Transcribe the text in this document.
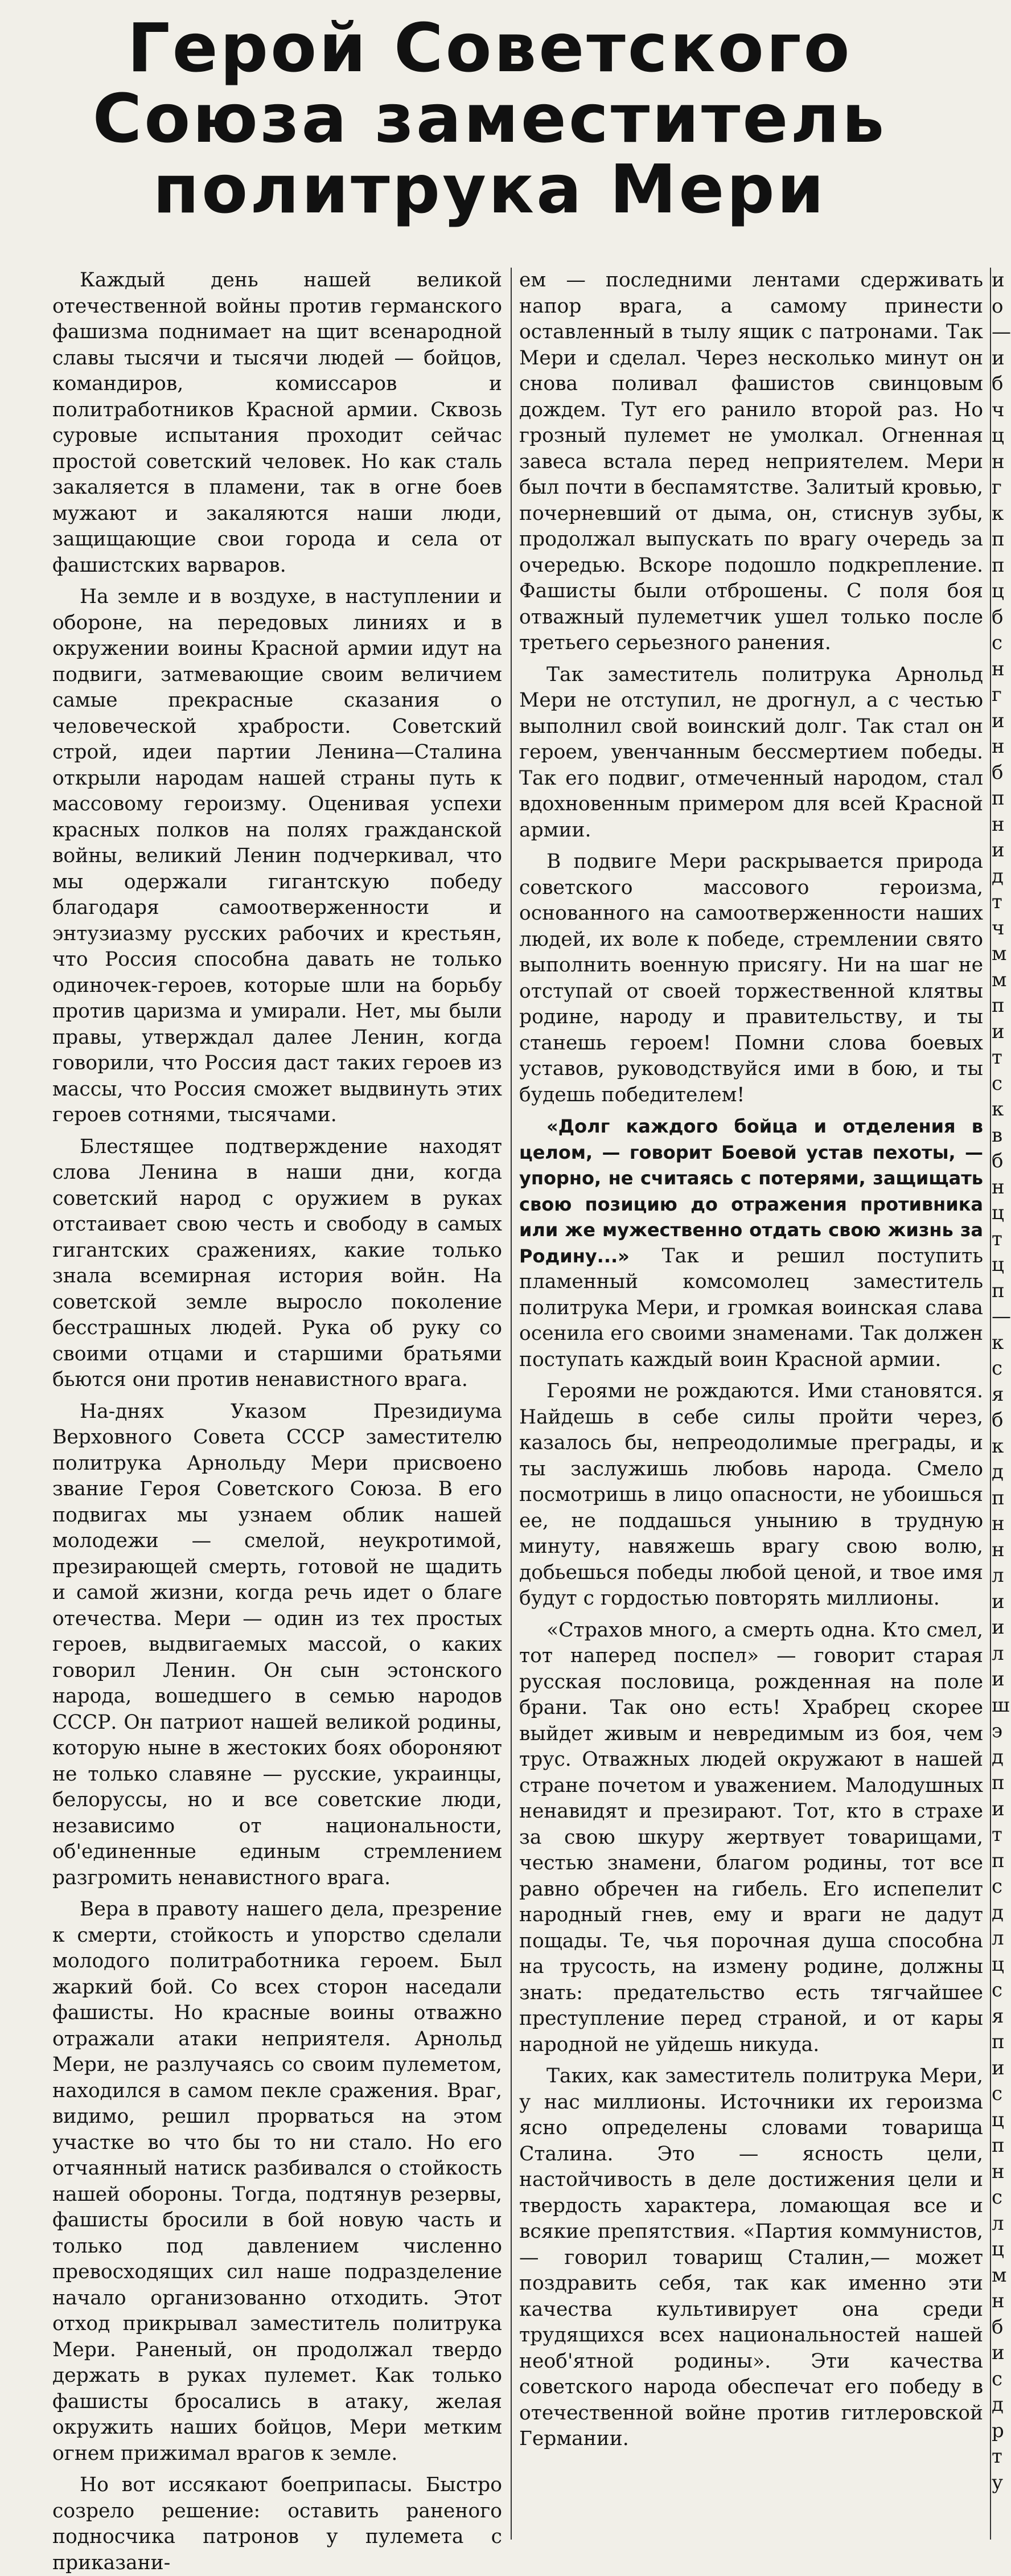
Герой Советского
Союза заместитель
политрука Мери

Каждый день нашей великой отечественной войны против германского фашизма поднимает на щит всенародной славы тысячи и тысячи людей — бойцов, командиров, комиссаров и политработников Красной армии. Сквозь суровые испытания проходит сейчас простой советский человек. Но как сталь закаляется в пламени, так в огне боев мужают и закаляются наши люди, защищающие свои города и села от фашистских варваров.

На земле и в воздухе, в наступлении и обороне, на передовых линиях и в окружении воины Красной армии идут на подвиги, затмевающие своим величием самые прекрасные сказания о человеческой храбрости. Советский строй, идеи партии Ленина—Сталина открыли народам нашей страны путь к массовому героизму. Оценивая успехи красных полков на полях гражданской войны, великий Ленин подчеркивал, что мы одержали гигантскую победу благодаря самоотверженности и энтузиазму русских рабочих и крестьян, что Россия способна давать не только одиночек-героев, которые шли на борьбу против царизма и умирали. Нет, мы были правы, утверждал далее Ленин, когда говорили, что Россия даст таких героев из массы, что Россия сможет выдвинуть этих героев сотнями, тысячами.

Блестящее подтверждение находят слова Ленина в наши дни, когда советский народ с оружием в руках отстаивает свою честь и свободу в самых гигантских сражениях, какие только знала всемирная история войн. На советской земле выросло поколение бесстрашных людей. Рука об руку со своими отцами и старшими братьями бьются они против ненавистного врага.

На-днях Указом Президиума Верховного Совета СССР заместителю политрука Арнольду Мери присвоено звание Героя Советского Союза. В его подвигах мы узнаем облик нашей молодежи — смелой, неукротимой, презирающей смерть, готовой не щадить и самой жизни, когда речь идет о благе отечества. Мери — один из тех простых героев, выдвигаемых массой, о каких говорил Ленин. Он сын эстонского народа, вошедшего в семью народов СССР. Он патриот нашей великой родины, которую ныне в жестоких боях обороняют не только славяне — русские, украинцы, белоруссы, но и все советские люди, независимо от национальности, об'единенные единым стремлением разгромить ненавистного врага.

Вера в правоту нашего дела, презрение к смерти, стойкость и упорство сделали молодого политработника героем. Был жаркий бой. Со всех сторон наседали фашисты. Но красные воины отважно отражали атаки неприятеля. Арнольд Мери, не разлучаясь со своим пулеметом, находился в самом пекле сражения. Враг, видимо, решил прорваться на этом участке во что бы то ни стало. Но его отчаянный натиск разбивался о стойкость нашей обороны. Тогда, подтянув резервы, фашисты бросили в бой новую часть и только под давлением численно превосходящих сил наше подразделение начало организованно отходить. Этот отход прикрывал заместитель политрука Мери. Раненый, он продолжал твердо держать в руках пулемет. Как только фашисты бросались в атаку, желая окружить наших бойцов, Мери метким огнем прижимал врагов к земле.

Но вот иссякают боеприпасы. Быстро созрело решение: оставить раненого подносчика патронов у пулемета с приказани-

ем — последними лентами сдерживать напор врага, а самому принести оставленный в тылу ящик с патронами. Так Мери и сделал. Через несколько минут он снова поливал фашистов свинцовым дождем. Тут его ранило второй раз. Но грозный пулемет не умолкал. Огненная завеса встала перед неприятелем. Мери был почти в беспамятстве. Залитый кровью, почерневший от дыма, он, стиснув зубы, продолжал выпускать по врагу очередь за очередью. Вскоре подошло подкрепление. Фашисты были отброшены. С поля боя отважный пулеметчик ушел только после третьего серьезного ранения.

Так заместитель политрука Арнольд Мери не отступил, не дрогнул, а с честью выполнил свой воинский долг. Так стал он героем, увенчанным бессмертием победы. Так его подвиг, отмеченный народом, стал вдохновенным примером для всей Красной армии.

В подвиге Мери раскрывается природа советского массового героизма, основанного на самоотверженности наших людей, их воле к победе, стремлении свято выполнить военную присягу. Ни на шаг не отступай от своей торжественной клятвы родине, народу и правительству, и ты станешь героем! Помни слова боевых уставов, руководствуйся ими в бою, и ты будешь победителем!

«Долг каждого бойца и отделения в целом, — говорит Боевой устав пехоты, — упорно, не считаясь с потерями, защищать свою позицию до отражения противника или же мужественно отдать свою жизнь за Родину...» Так и решил поступить пламенный комсомолец заместитель политрука Мери, и громкая воинская слава осенила его своими знаменами. Так должен поступать каждый воин Красной армии.

Героями не рождаются. Ими становятся. Найдешь в себе силы пройти через, казалось бы, непреодолимые преграды, и ты заслужишь любовь народа. Смело посмотришь в лицо опасности, не убоишься ее, не поддашься унынию в трудную минуту, навяжешь врагу свою волю, добьешься победы любой ценой, и твое имя будут с гордостью повторять миллионы.

«Страхов много, а смерть одна. Кто смел, тот наперед поспел» — говорит старая русская пословица, рожденная на поле брани. Так оно есть! Храбрец скорее выйдет живым и невредимым из боя, чем трус. Отважных людей окружают в нашей стране почетом и уважением. Малодушных ненавидят и презирают. Тот, кто в страхе за свою шкуру жертвует товарищами, честью знамени, благом родины, тот все равно обречен на гибель. Его испепелит народный гнев, ему и враги не дадут пощады. Те, чья порочная душа способна на трусость, на измену родине, должны знать: предательство есть тягчайшее преступление перед страной, и от кары народной не уйдешь никуда.

Таких, как заместитель политрука Мери, у нас миллионы. Источники их героизма ясно определены словами товарища Сталина. Это — ясность цели, настойчивость в деле достижения цели и твердость характера, ломающая все и всякие препятствия. «Партия коммунистов, — говорил товарищ Сталин,— может поздравить себя, так как именно эти качества культивирует она среди трудящихся всех национальностей нашей необ'ятной родины». Эти качества советского народа обеспечат его победу в отечественной войне против гитлеровской Германии.

и
о
—
и
б
ч
ц
н
г
к
п
п
ц
б
с
н
г
и
н
б
п
н
и
д
т
ч
м
м
п
и
т
с
к
в
б
н
ц
т
ц
п
—
к
с
я
б
к
д
п
н
н
л
и
и
л
и
ш
э
д
п
и
т
п
с
д
л
ц
с
я
п
и
с
ц
п
н
с
л
ц
м
н
б
и
с
д
р
т
у
